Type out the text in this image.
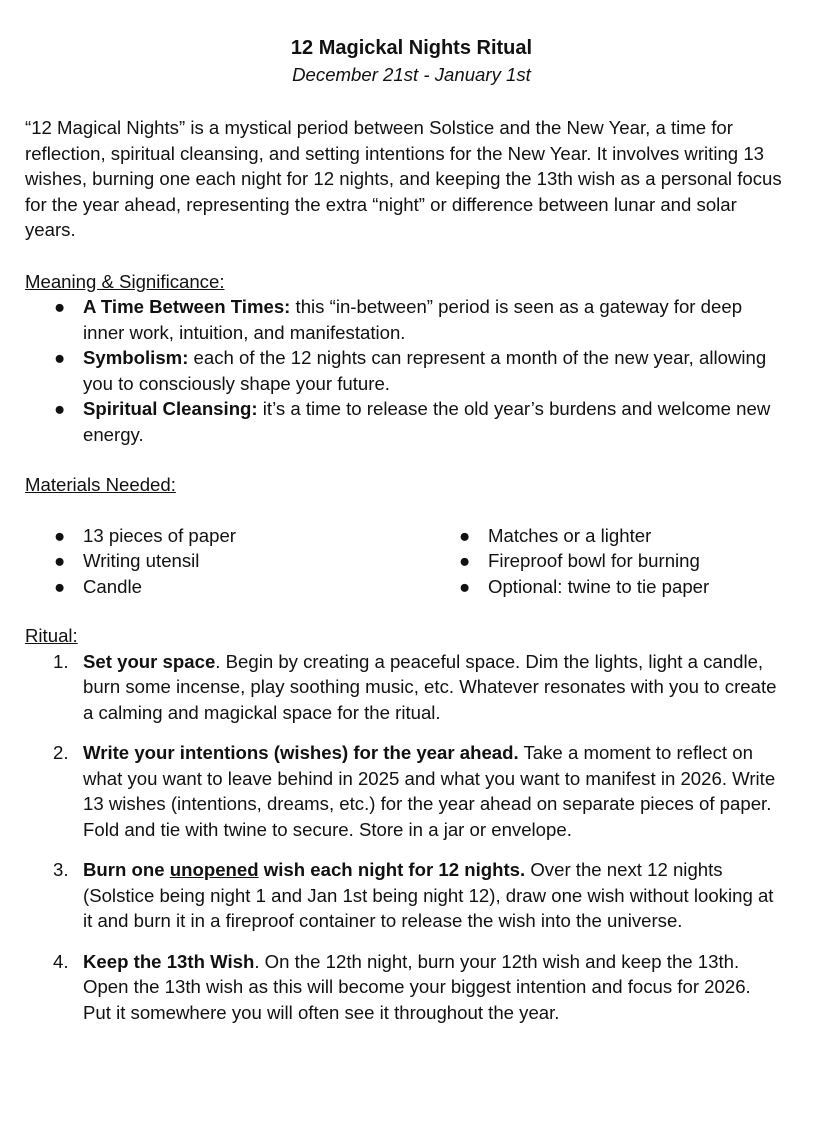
12 Magickal Nights Ritual

December 21st - January 1st

“12 Magical Nights” is a mystical period between Solstice and the New Year, a time for reflection, spiritual cleansing, and setting intentions for the New Year. It involves writing 13 wishes, burning one each night for 12 nights, and keeping the 13th wish as a personal focus for the year ahead, representing the extra “night” or difference between lunar and solar years.

Meaning & Significance:

● A Time Between Times: this “in-between” period is seen as a gateway for deep inner work, intuition, and manifestation.
● Symbolism: each of the 12 nights can represent a month of the new year, allowing you to consciously shape your future.
● Spiritual Cleansing: it’s a time to release the old year’s burdens and welcome new energy.

Materials Needed:

● 13 pieces of paper
● Writing utensil
● Candle
● Matches or a lighter
● Fireproof bowl for burning
● Optional: twine to tie paper

Ritual:

1. Set your space. Begin by creating a peaceful space. Dim the lights, light a candle, burn some incense, play soothing music, etc. Whatever resonates with you to create a calming and magickal space for the ritual.
2. Write your intentions (wishes) for the year ahead. Take a moment to reflect on what you want to leave behind in 2025 and what you want to manifest in 2026. Write 13 wishes (intentions, dreams, etc.) for the year ahead on separate pieces of paper. Fold and tie with twine to secure. Store in a jar or envelope.
3. Burn one unopened wish each night for 12 nights. Over the next 12 nights (Solstice being night 1 and Jan 1st being night 12), draw one wish without looking at it and burn it in a fireproof container to release the wish into the universe.
4. Keep the 13th Wish. On the 12th night, burn your 12th wish and keep the 13th. Open the 13th wish as this will become your biggest intention and focus for 2026. Put it somewhere you will often see it throughout the year.
